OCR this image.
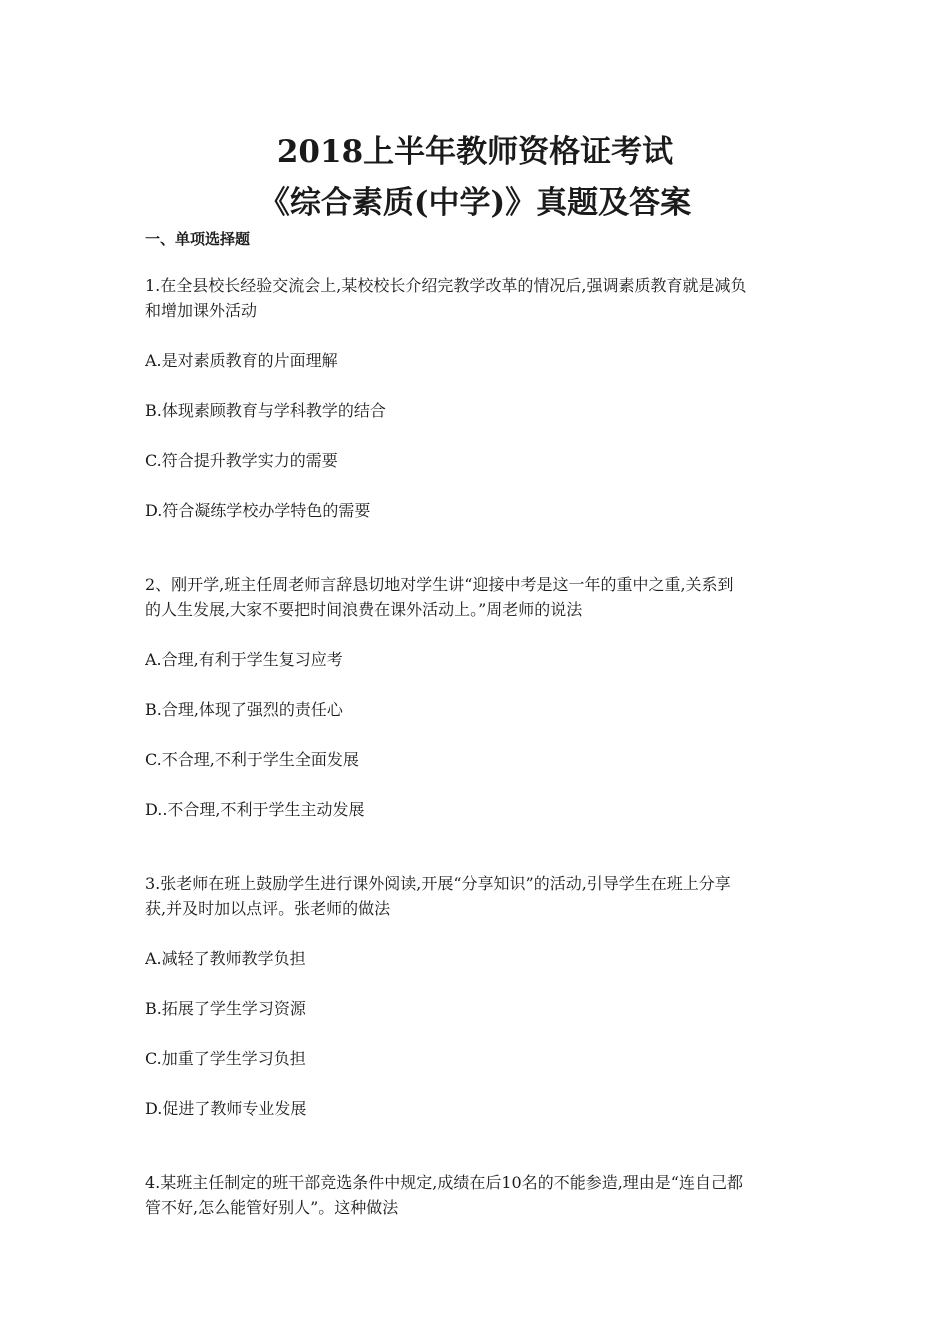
2018上半年教师资格证考试
《综合素质(中学)》真题及答案
一、单项选择题
1.在全县校长经验交流会上,某校校长介绍完教学改革的情况后,强调素质教育就是减负
和增加课外活动
A.是对素质教育的片面理解
B.体现素顾教育与学科教学的结合
C.符合提升教学实力的需要
D.符合凝练学校办学特色的需要
2、刚开学,班主任周老师言辞恳切地对学生讲“迎接中考是这一年的重中之重,关系到
的人生发展,大家不要把时间浪费在课外活动上。”周老师的说法
A.合理,有利于学生复习应考
B.合理,体现了强烈的责任心
C.不合理,不利于学生全面发展
D..不合理,不利于学生主动发展
3.张老师在班上鼓励学生进行课外阅读,开展“分享知识”的活动,引导学生在班上分享
获,并及时加以点评。张老师的做法
A.减轻了教师教学负担
B.拓展了学生学习资源
C.加重了学生学习负担
D.促进了教师专业发展
4.某班主任制定的班干部竞选条件中规定,成绩在后10名的不能参造,理由是“连自己都
管不好,怎么能管好别人”。这种做法
